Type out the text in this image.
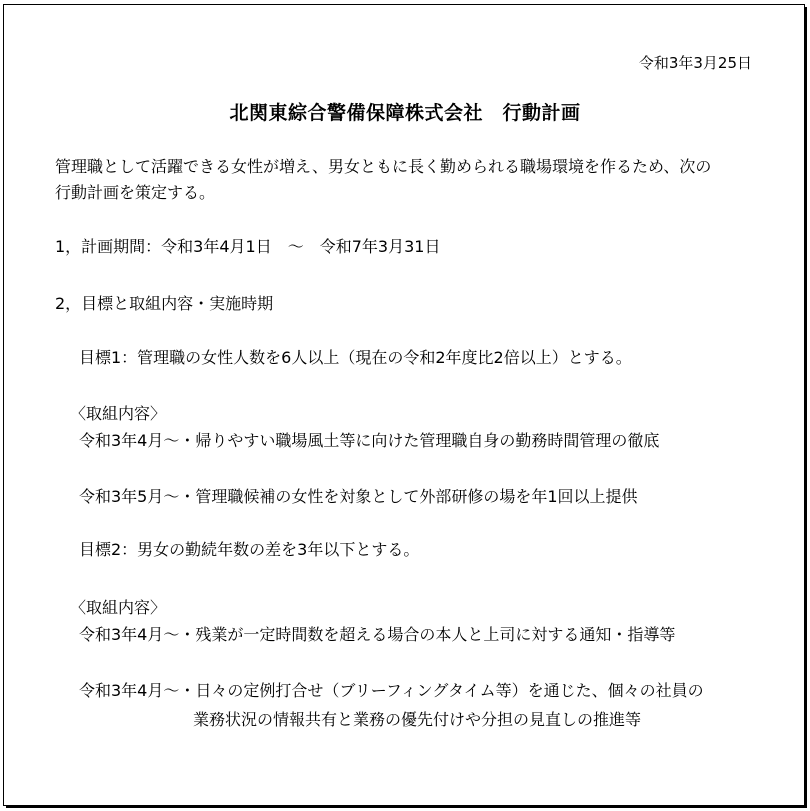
令和3年3月25日
北関東綜合警備保障株式会社　行動計画
管理職として活躍できる女性が増え、男女ともに長く勤められる職場環境を作るため、次の
行動計画を策定する。
1，計画期間：令和3年4月1日　～　令和7年3月31日
2，目標と取組内容・実施時期
目標1：管理職の女性人数を6人以上（現在の令和2年度比2倍以上）とする。
〈取組内容〉
令和3年4月～・帰りやすい職場風土等に向けた管理職自身の勤務時間管理の徹底
令和3年5月～・管理職候補の女性を対象として外部研修の場を年1回以上提供
目標2：男女の勤続年数の差を3年以下とする。
〈取組内容〉
令和3年4月～・残業が一定時間数を超える場合の本人と上司に対する通知・指導等
令和3年4月～・日々の定例打合せ（ブリーフィングタイム等）を通じた、個々の社員の
業務状況の情報共有と業務の優先付けや分担の見直しの推進等
